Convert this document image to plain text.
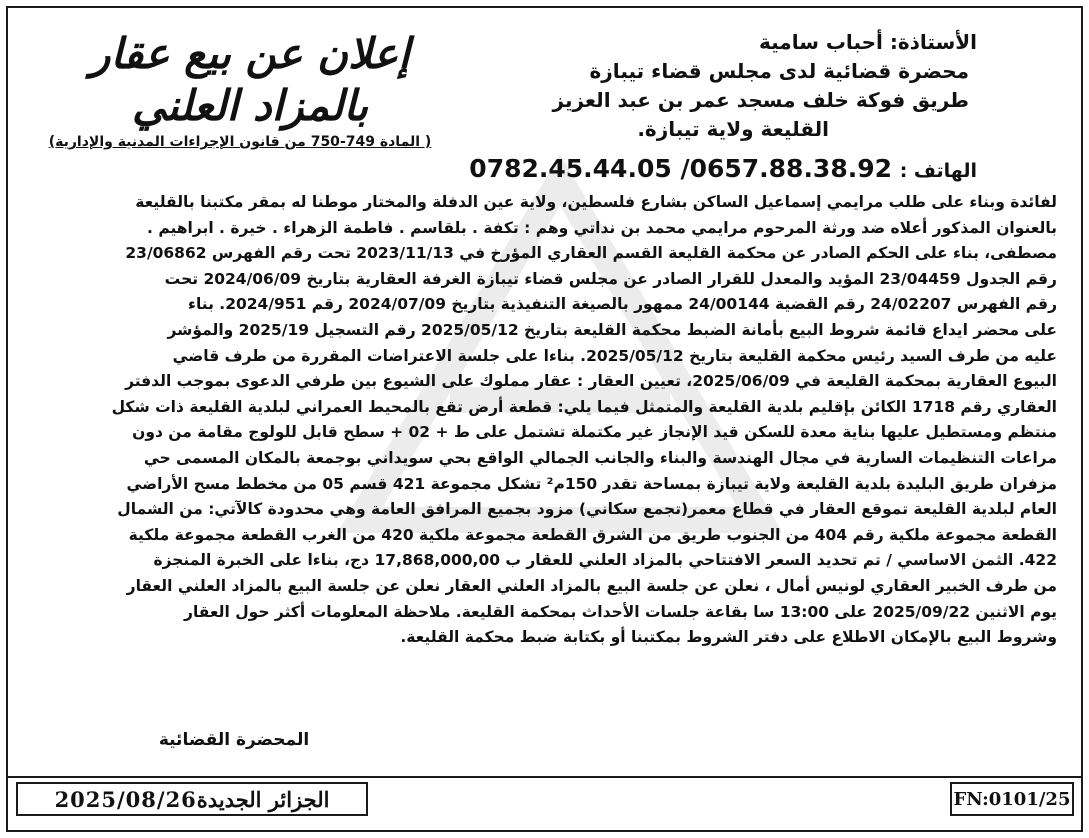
الأستاذة: أحباب سامية
محضرة قضائية لدى مجلس قضاء تيبازة
طريق فوكة خلف مسجد عمر بن عبد العزيز
القليعة ولاية تيبازة.
الهاتف : 0782.45.44.05 /0657.88.38.92
إعلان عن بيع عقار
بالمزاد العلني
( المادة 749-750 من قانون الإجراءات المدنية والإدارية)
لفائدة وبناء على طلب مرايمي إسماعيل الساكن بشارع فلسطين، ولاية عين الدفلة والمختار موطنا له بمقر مكتبنا بالقليعة
بالعنوان المذكور أعلاه ضد ورثة المرحوم مرايمي محمد بن نداتي وهم : تكفة . بلقاسم . فاطمة الزهراء . خيرة . ابراهيم .
مصطفى، بناء على الحكم الصادر عن محكمة القليعة القسم العقاري المؤرخ في 2023/11/13 تحت رقم الفهرس 23/06862
رقم الجدول 23/04459 المؤيد والمعدل للقرار الصادر عن مجلس قضاء تيبازة الغرفة العقارية بتاريخ 2024/06/09 تحت
رقم الفهرس 24/02207 رقم القضية 24/00144 ممهور بالصيغة التنفيذية بتاريخ 2024/07/09 رقم 2024/951. بناء
على محضر ايداع قائمة شروط البيع بأمانة الضبط محكمة القليعة بتاريخ 2025/05/12 رقم التسجيل 2025/19 والمؤشر
عليه من طرف السيد رئيس محكمة القليعة بتاريخ 2025/05/12. بناءا على جلسة الاعتراضات المقررة من طرف قاضي
البيوع العقارية بمحكمة القليعة في 2025/06/09، تعيين العقار : عقار مملوك على الشيوع بين طرفي الدعوى بموجب الدفتر
العقاري رقم 1718 الكائن بإقليم بلدية القليعة والمتمثل فيما يلي: قطعة أرض تقع بالمحيط العمراني لبلدية القليعة ذات شكل
منتظم ومستطيل عليها بناية معدة للسكن قيد الإنجاز غير مكتملة تشتمل على ط + 02 + سطح قابل للولوج مقامة من دون
مراعات التنظيمات السارية في مجال الهندسة والبناء والجانب الجمالي الواقع بحي سويداني بوجمعة بالمكان المسمى حي
مزفران طريق البليدة بلدية القليعة ولاية تيبازة بمساحة تقدر 150م² تشكل مجموعة 421 قسم 05 من مخطط مسح الأراضي
العام لبلدية القليعة تموقع العقار في قطاع معمر(تجمع سكاني) مزود بجميع المرافق العامة وهي محدودة كالآتي: من الشمال
القطعة مجموعة ملكية رقم 404 من الجنوب طريق من الشرق القطعة مجموعة ملكية 420 من الغرب القطعة مجموعة ملكية
422. الثمن الاساسي / تم تحديد السعر الافتتاحي بالمزاد العلني للعقار ب 17,868,000,00 دج، بناءا على الخبرة المنجزة
من طرف الخبير العقاري لونيس أمال ، نعلن عن جلسة البيع بالمزاد العلني العقار نعلن عن جلسة البيع بالمزاد العلني العقار
يوم الاثنين 2025/09/22 على 13:00 سا بقاعة جلسات الأحداث بمحكمة القليعة. ملاحظة المعلومات أكثر حول العقار
وشروط البيع بالإمكان الاطلاع على دفتر الشروط بمكتبنا أو بكتابة ضبط محكمة القليعة.
المحضرة القضائية
2025/08/26 الجزائر الجديدة	FN:0101/25
